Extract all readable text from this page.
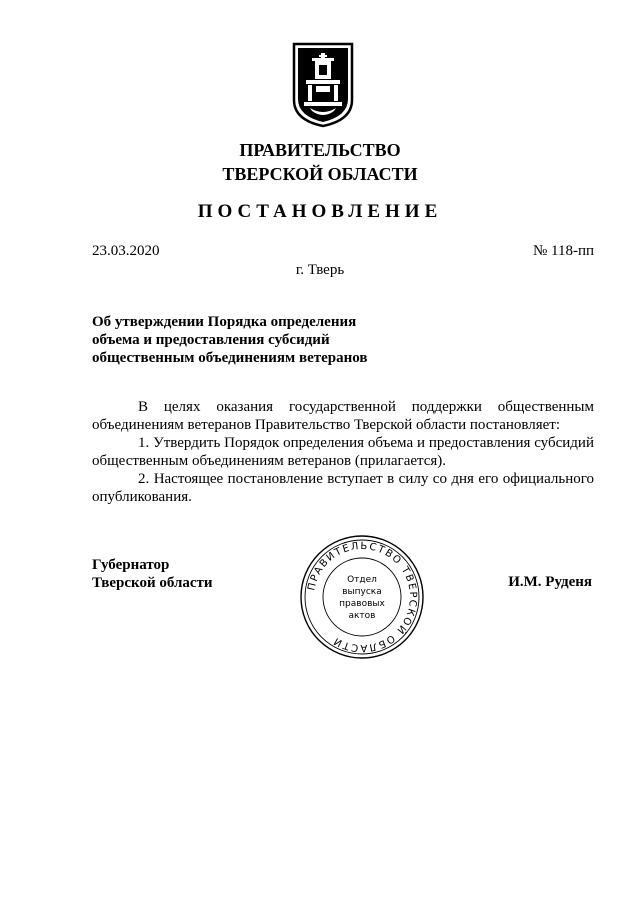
ПРАВИТЕЛЬСТВО
ТВЕРСКОЙ ОБЛАСТИ
ПОСТАНОВЛЕНИЕ
23.03.2020	№ 118-пп
г. Тверь
Об утверждении Порядка определения
объема и предоставления субсидий
общественным объединениям ветеранов

В целях оказания государственной поддержки общественным объединениям ветеранов Правительство Тверской области постановляет:

1. Утвердить Порядок определения объема и предоставления субсидий общественным объединениям ветеранов (прилагается).

2. Настоящее постановление вступает в силу со дня его официального опубликования.

Губернатор
Тверской области	И.М. Руденя
ПРАВИТЕЛЬСТВО ТВЕРСКОЙ ОБЛАСТИ
Отдел
выпуска
правовых
актов
